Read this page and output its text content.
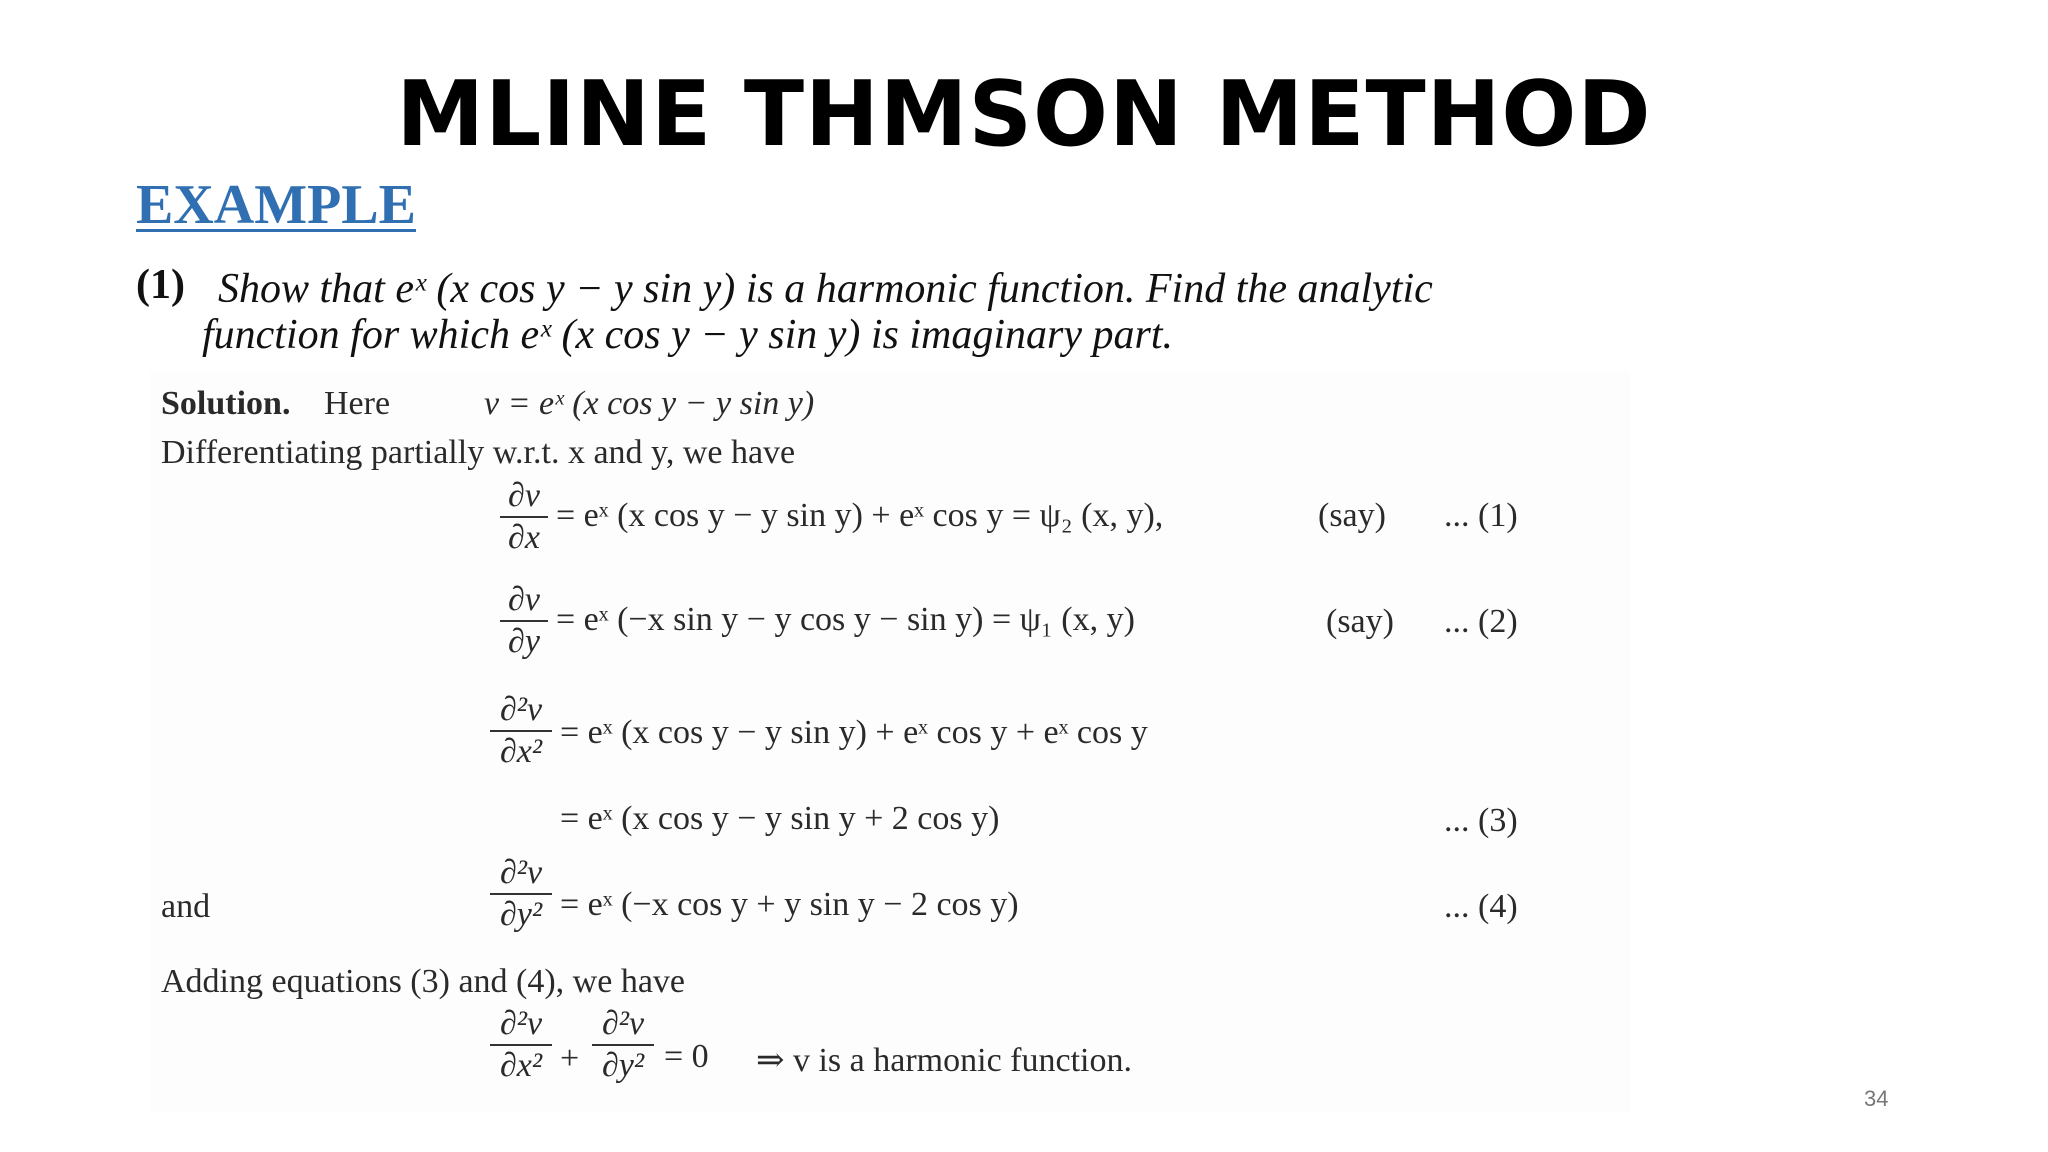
MLINE THMSON METHOD
EXAMPLE
(1) Show that eˣ (x cos y − y sin y) is a harmonic function. Find the analytic
function for which eˣ (x cos y − y sin y) is imaginary part.
Solution. Here	v = eˣ (x cos y − y sin y)
Differentiating partially w.r.t. x and y, we have
$\frac{\partial v}{\partial x}$ = eˣ (x cos y − y sin y) + eˣ cos y = ψ₂ (x, y),	(say) ... (1)
$\frac{\partial v}{\partial y}$ = eˣ (−x sin y − y cos y − sin y) = ψ₁ (x, y)	(say) ... (2)
$\frac{\text{∂²v}}{\text{∂x²}}$ = eˣ (x cos y − y sin y) + eˣ cos y + eˣ cos y
= eˣ (x cos y − y sin y + 2 cos y)	... (3)
and	$\frac{\text{∂²v}}{\text{∂y²}}$ = eˣ (−x cos y + y sin y − 2 cos y)	... (4)
Adding equations (3) and (4), we have
$\frac{\text{∂²v}}{\text{∂x²}} + \frac{\text{∂²v}}{\text{∂y²}} = 0$ ⇒ v is a harmonic function.
34
